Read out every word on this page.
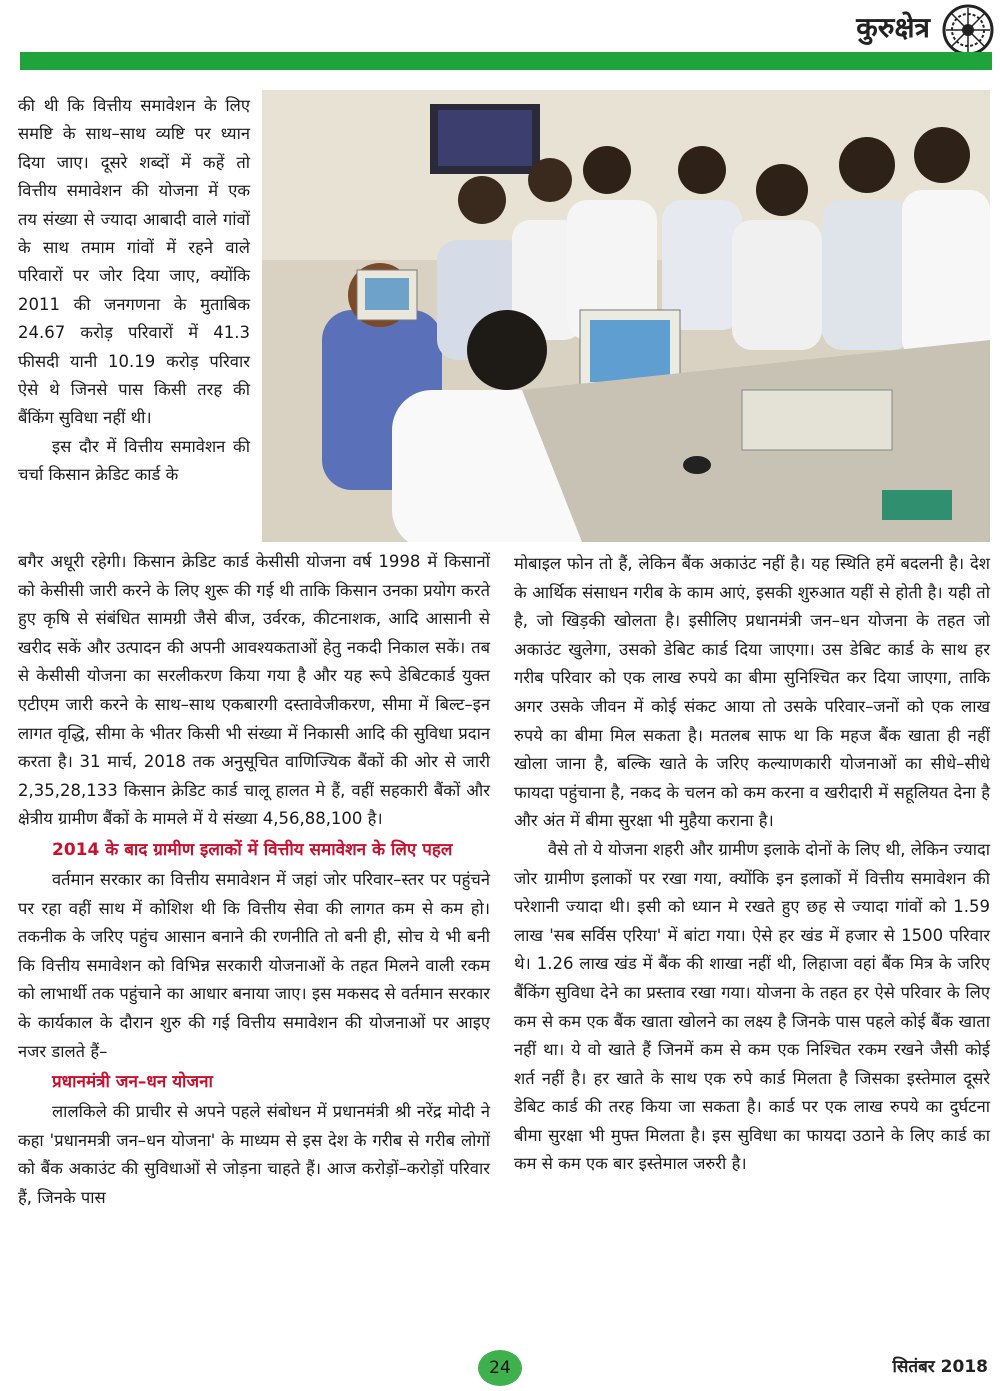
कुरुक्षेत्र

की थी कि वित्तीय समावेशन के लिए समष्टि के साथ–साथ व्यष्टि पर ध्यान दिया जाए। दूसरे शब्दों में कहें तो वित्तीय समावेशन की योजना में एक तय संख्या से ज्यादा आबादी वाले गांवों के साथ तमाम गांवों में रहने वाले परिवारों पर जोर दिया जाए, क्योंकि 2011 की जनगणना के मुताबिक 24.67 करोड़ परिवारों में 41.3 फीसदी यानी 10.19 करोड़ परिवार ऐसे थे जिनसे पास किसी तरह की बैंकिंग सुविधा नहीं थी।

इस दौर में वित्तीय समावेशन की चर्चा किसान क्रेडिट कार्ड के

बगैर अधूरी रहेगी। किसान क्रेडिट कार्ड केसीसी योजना वर्ष 1998 में किसानों को केसीसी जारी करने के लिए शुरू की गई थी ताकि किसान उनका प्रयोग करते हुए कृषि से संबंधित सामग्री जैसे बीज, उर्वरक, कीटनाशक, आदि आसानी से खरीद सकें और उत्पादन की अपनी आवश्यकताओं हेतु नकदी निकाल सकें। तब से केसीसी योजना का सरलीकरण किया गया है और यह रूपे डेबिटकार्ड युक्त एटीएम जारी करने के साथ–साथ एकबारगी दस्तावेजीकरण, सीमा में बिल्ट–इन लागत वृद्धि, सीमा के भीतर किसी भी संख्या में निकासी आदि की सुविधा प्रदान करता है। 31 मार्च, 2018 तक अनुसूचित वाणिज्यिक बैंकों की ओर से जारी 2,35,28,133 किसान क्रेडिट कार्ड चालू हालत मे हैं, वहीं सहकारी बैंकों और क्षेत्रीय ग्रामीण बैंकों के मामले में ये संख्या 4,56,88,100 है।

2014 के बाद ग्रामीण इलाकों में वित्तीय समावेशन के लिए पहल

वर्तमान सरकार का वित्तीय समावेशन में जहां जोर परिवार–स्तर पर पहुंचने पर रहा वहीं साथ में कोशिश थी कि वित्तीय सेवा की लागत कम से कम हो। तकनीक के जरिए पहुंच आसान बनाने की रणनीति तो बनी ही, सोच ये भी बनी कि वित्तीय समावेशन को विभिन्न सरकारी योजनाओं के तहत मिलने वाली रकम को लाभार्थी तक पहुंचाने का आधार बनाया जाए। इस मकसद से वर्तमान सरकार के कार्यकाल के दौरान शुरु की गई वित्तीय समावेशन की योजनाओं पर आइए नजर डालते हैं–

प्रधानमंत्री जन–धन योजना

लालकिले की प्राचीर से अपने पहले संबोधन में प्रधानमंत्री श्री नरेंद्र मोदी ने कहा 'प्रधानमत्री जन–धन योजना' के माध्यम से इस देश के गरीब से गरीब लोगों को बैंक अकाउंट की सुविधाओं से जोड़ना चाहते हैं। आज करोड़ों–करोड़ों परिवार हैं, जिनके पास

मोबाइल फोन तो हैं, लेकिन बैंक अकाउंट नहीं है। यह स्थिति हमें बदलनी है। देश के आर्थिक संसाधन गरीब के काम आएं, इसकी शुरुआत यहीं से होती है। यही तो है, जो खिड़की खोलता है। इसीलिए प्रधानमंत्री जन–धन योजना के तहत जो अकाउंट खुलेगा, उसको डेबिट कार्ड दिया जाएगा। उस डेबिट कार्ड के साथ हर गरीब परिवार को एक लाख रुपये का बीमा सुनिश्चित कर दिया जाएगा, ताकि अगर उसके जीवन में कोई संकट आया तो उसके परिवार–जनों को एक लाख रुपये का बीमा मिल सकता है। मतलब साफ था कि महज बैंक खाता ही नहीं खोला जाना है, बल्कि खाते के जरिए कल्याणकारी योजनाओं का सीधे–सीधे फायदा पहुंचाना है, नकद के चलन को कम करना व खरीदारी में सहूलियत देना है और अंत में बीमा सुरक्षा भी मुहैया कराना है।

वैसे तो ये योजना शहरी और ग्रामीण इलाके दोनों के लिए थी, लेकिन ज्यादा जोर ग्रामीण इलाकों पर रखा गया, क्योंकि इन इलाकों में वित्तीय समावेशन की परेशानी ज्यादा थी। इसी को ध्यान मे रखते हुए छह से ज्यादा गांवों को 1.59 लाख 'सब सर्विस एरिया' में बांटा गया। ऐसे हर खंड में हजार से 1500 परिवार थे। 1.26 लाख खंड में बैंक की शाखा नहीं थी, लिहाजा वहां बैंक मित्र के जरिए बैंकिंग सुविधा देने का प्रस्ताव रखा गया। योजना के तहत हर ऐसे परिवार के लिए कम से कम एक बैंक खाता खोलने का लक्ष्य है जिनके पास पहले कोई बैंक खाता नहीं था। ये वो खाते हैं जिनमें कम से कम एक निश्चित रकम रखने जैसी कोई शर्त नहीं है। हर खाते के साथ एक रुपे कार्ड मिलता है जिसका इस्तेमाल दूसरे डेबिट कार्ड की तरह किया जा सकता है। कार्ड पर एक लाख रुपये का दुर्घटना बीमा सुरक्षा भी मुफ्त मिलता है। इस सुविधा का फायदा उठाने के लिए कार्ड का कम से कम एक बार इस्तेमाल जरुरी है।

24	सितंबर 2018
